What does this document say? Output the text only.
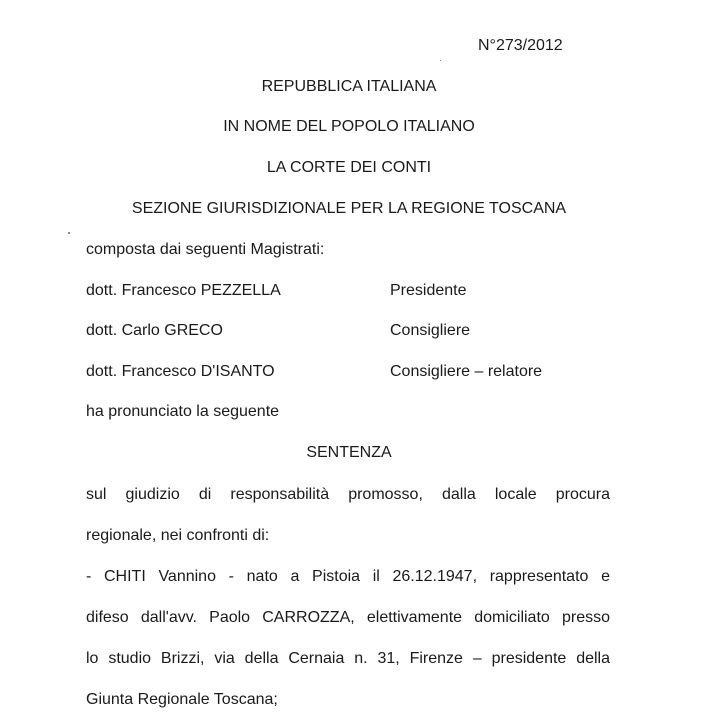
N°273/2012
REPUBBLICA ITALIANA
IN NOME DEL POPOLO ITALIANO
LA CORTE DEI CONTI
SEZIONE GIURISDIZIONALE PER LA REGIONE TOSCANA
composta dai seguenti Magistrati:
dott. Francesco PEZZELLA	Presidente
dott. Carlo GRECO	Consigliere
dott. Francesco D'ISANTO	Consigliere – relatore
ha pronunciato la seguente
SENTENZA
sul giudizio di responsabilità promosso, dalla locale procura
regionale, nei confronti di:
- CHITI Vannino - nato a Pistoia il 26.12.1947, rappresentato e
difeso dall'avv. Paolo CARROZZA, elettivamente domiciliato presso
lo studio Brizzi, via della Cernaia n. 31, Firenze – presidente della
Giunta Regionale Toscana;
